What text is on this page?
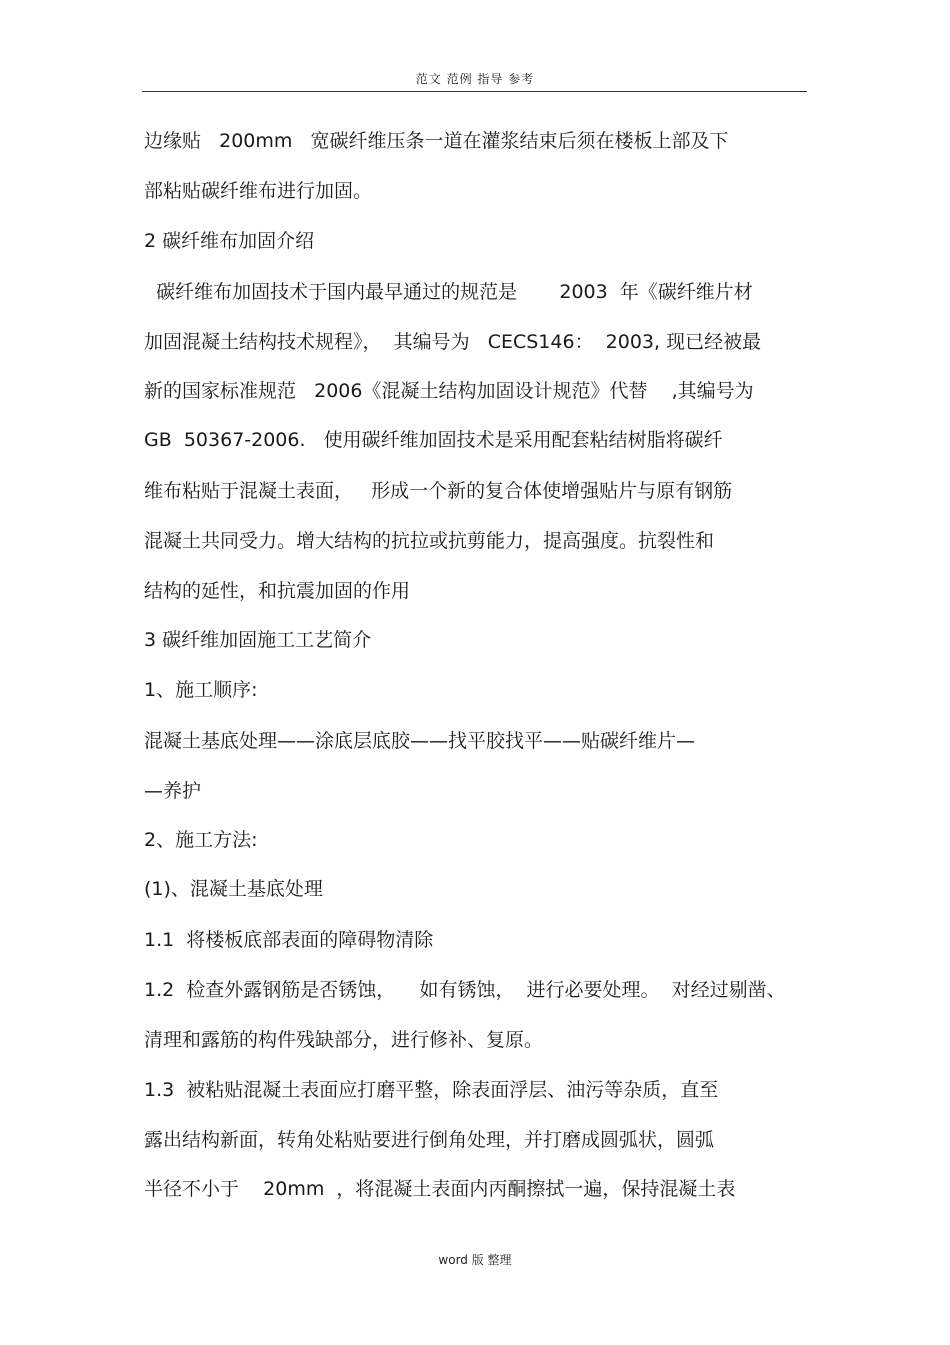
范文 范例 指导 参考
边缘贴   200mm   宽碳纤维压条一道在灌浆结束后须在楼板上部及下
部粘贴碳纤维布进行加固。
2 碳纤维布加固介绍
碳纤维布加固技术于国内最早通过的规范是       2003  年《碳纤维片材
加固混凝土结构技术规程》，  其编号为   CECS146：  2003, 现已经被最
新的国家标准规范   2006《混凝土结构加固设计规范》代替    ,其编号为
GB  50367-2006.   使用碳纤维加固技术是采用配套粘结树脂将碳纤
维布粘贴于混凝土表面，   形成一个新的复合体使增强贴片与原有钢筋
混凝土共同受力。增大结构的抗拉或抗剪能力，提高强度。抗裂性和
结构的延性，和抗震加固的作用
3 碳纤维加固施工工艺简介
1、施工顺序:
混凝土基底处理——涂底层底胶——找平胶找平——贴碳纤维片—
—养护
2、施工方法:
(1)、混凝土基底处理
1.1  将楼板底部表面的障碍物清除
1.2  检查外露钢筋是否锈蚀，    如有锈蚀，  进行必要处理。  对经过剔凿、
清理和露筋的构件残缺部分，进行修补、复原。
1.3  被粘贴混凝土表面应打磨平整，除表面浮层、油污等杂质，直至
露出结构新面，转角处粘贴要进行倒角处理，并打磨成圆弧状，圆弧
半径不小于    20mm  ，将混凝土表面内丙酮擦拭一遍，保持混凝土表
word 版 整理
